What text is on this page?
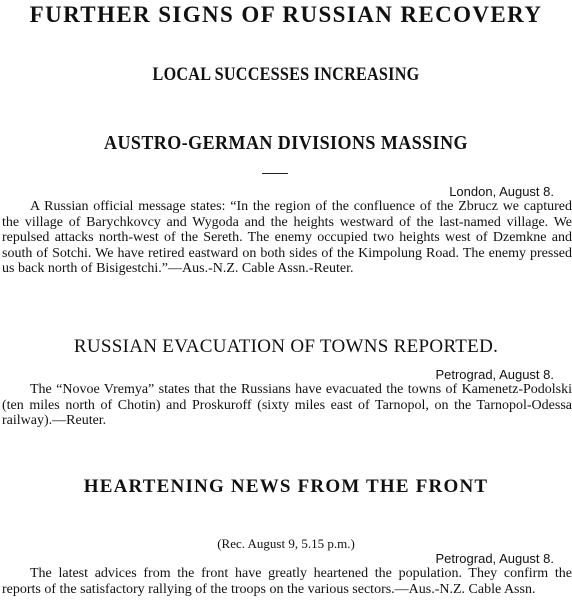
FURTHER SIGNS OF RUSSIAN RECOVERY
LOCAL SUCCESSES INCREASING
AUSTRO-GERMAN DIVISIONS MASSING
London, August 8.
A Russian official message states: “In the region of the confluence of the Zbrucz we captured the village of Barychkovcy and Wygoda and the heights westward of the last-named village. We repulsed attacks north-west of the Sereth. The enemy occupied two heights west of Dzemkne and south of Sotchi. We have retired eastward on both sides of the Kimpolung Road. The enemy pressed us back north of Bisigestchi.”—Aus.-N.Z. Cable Assn.-Reuter.
RUSSIAN EVACUATION OF TOWNS REPORTED.
Petrograd, August 8.
The “Novoe Vremya” states that the Russians have evacuated the towns of Kamenetz-Podolski (ten miles north of Chotin) and Proskuroff (sixty miles east of Tarnopol, on the Tarnopol-Odessa railway).—Reuter.
HEARTENING NEWS FROM THE FRONT
(Rec. August 9, 5.15 p.m.)
Petrograd, August 8.
The latest advices from the front have greatly heartened the population. They confirm the reports of the satisfactory rallying of the troops on the various sectors.—Aus.-N.Z. Cable Assn.
